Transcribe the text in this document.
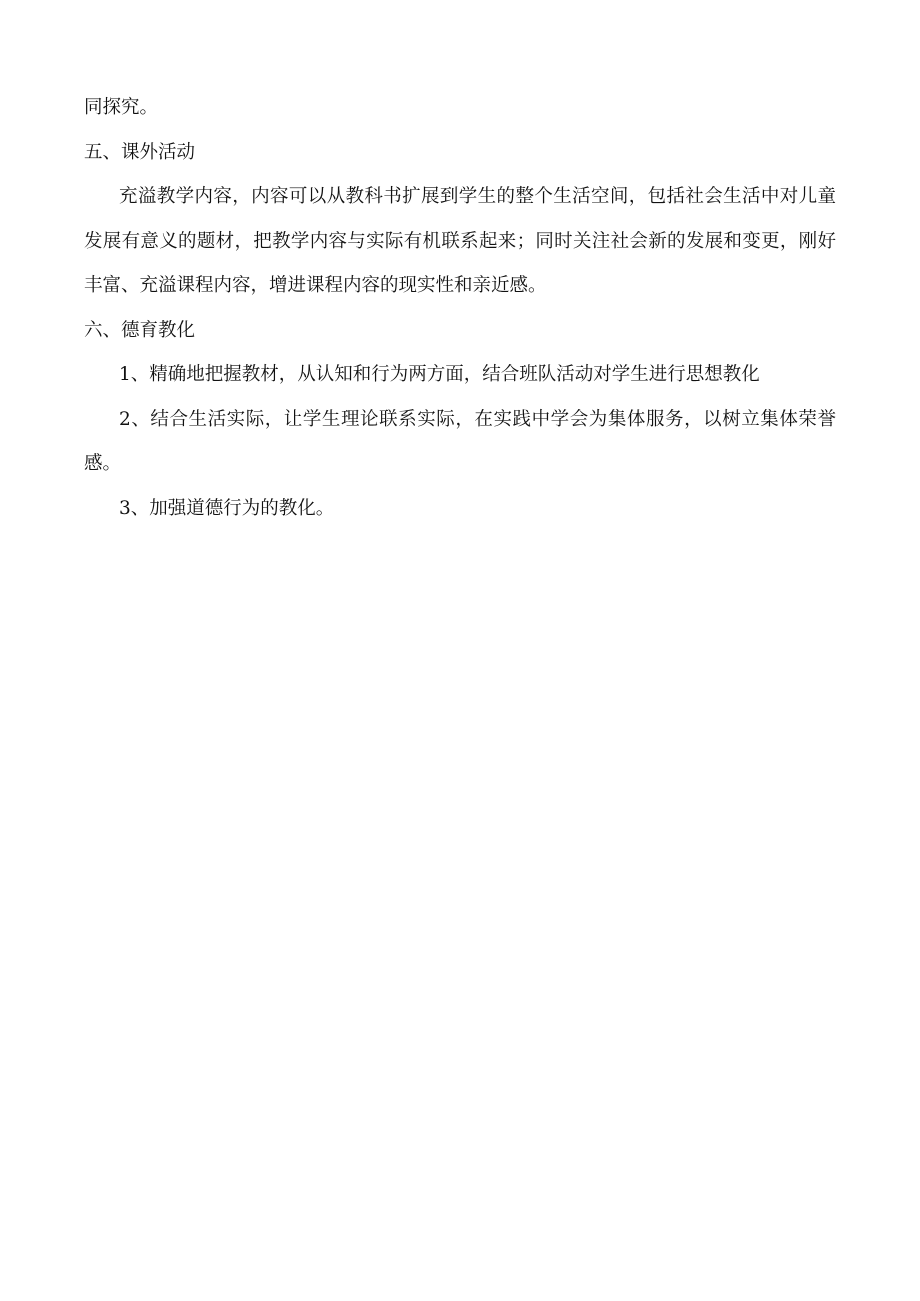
同探究。

五、课外活动

充溢教学内容，内容可以从教科书扩展到学生的整个生活空间，包括社会生活中对儿童发展有意义的题材，把教学内容与实际有机联系起来；同时关注社会新的发展和变更，刚好丰富、充溢课程内容，增进课程内容的现实性和亲近感。

六、德育教化

1、精确地把握教材，从认知和行为两方面，结合班队活动对学生进行思想教化

2、结合生活实际，让学生理论联系实际，在实践中学会为集体服务，以树立集体荣誉感。

3、加强道德行为的教化。
